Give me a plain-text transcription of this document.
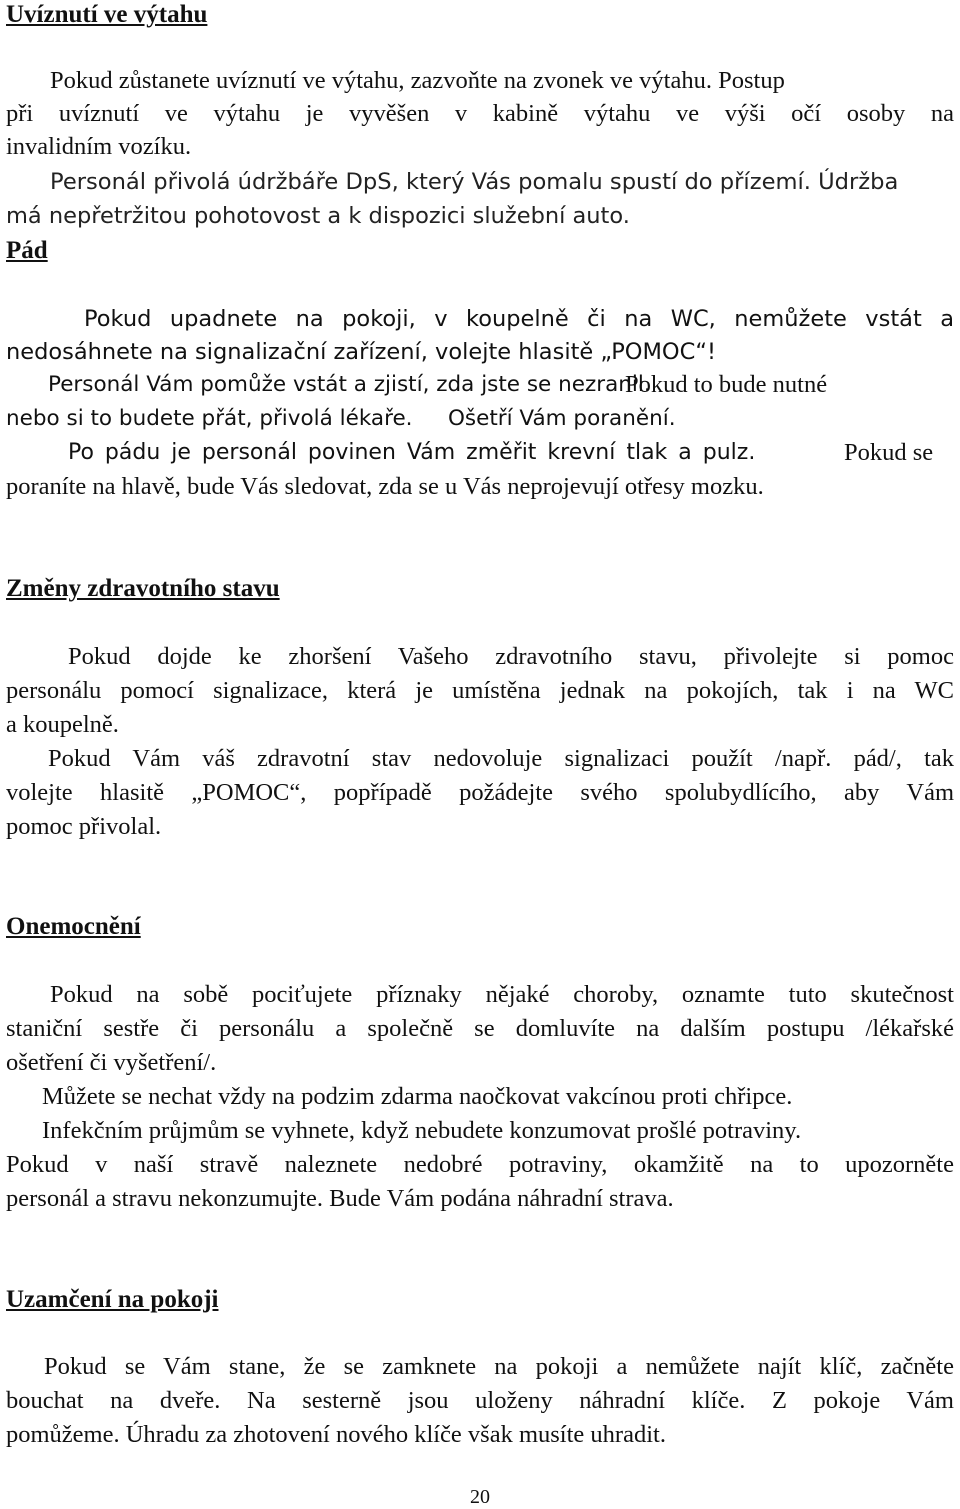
Uvíznutí ve výtahu
Pokud zůstanete uvíznutí ve výtahu, zazvoňte na zvonek ve výtahu. Postup
při uvíznutí ve výtahu je vyvěšen v kabině výtahu ve výši očí osoby na
invalidním vozíku.
Personál přivolá údržbáře DpS, který Vás pomalu spustí do přízemí. Údržba
má nepřetržitou pohotovost a k dispozici služební auto.
Pád
Pokud upadnete na pokoji, v koupelně či na WC, nemůžete vstát a
nedosáhnete na signalizační zařízení, volejte hlasitě „POMOC“!
Personál Vám pomůže vstát a zjistí, zda jste se nezranil.
Pokud to bude nutné
nebo si to budete přát, přivolá lékaře. Ošetří Vám poranění.
Po pádu je personál povinen Vám změřit krevní tlak a pulz.	Pokud se
poraníte na hlavě, bude Vás sledovat, zda se u Vás neprojevují otřesy mozku.
Změny zdravotního stavu
Pokud dojde ke zhoršení Vašeho zdravotního stavu, přivolejte si pomoc
personálu pomocí signalizace, která je umístěna jednak na pokojích, tak i na WC
a koupelně.
Pokud Vám váš zdravotní stav nedovoluje signalizaci použít /např. pád/, tak
volejte hlasitě „POMOC“, popřípadě požádejte svého spolubydlícího, aby Vám
pomoc přivolal.
Onemocnění
Pokud na sobě pociťujete příznaky nějaké choroby, oznamte tuto skutečnost
staniční sestře či personálu a společně se domluvíte na dalším postupu /lékařské
ošetření či vyšetření/.
Můžete se nechat vždy na podzim zdarma naočkovat vakcínou proti chřipce.
Infekčním průjmům se vyhnete, když nebudete konzumovat prošlé potraviny.
Pokud v naší stravě naleznete nedobré potraviny, okamžitě na to upozorněte
personál a stravu nekonzumujte. Bude Vám podána náhradní strava.
Uzamčení na pokoji
Pokud se Vám stane, že se zamknete na pokoji a nemůžete najít klíč, začněte
bouchat na dveře. Na sesterně jsou uloženy náhradní klíče. Z pokoje Vám
pomůžeme. Úhradu za zhotovení nového klíče však musíte uhradit.
20
